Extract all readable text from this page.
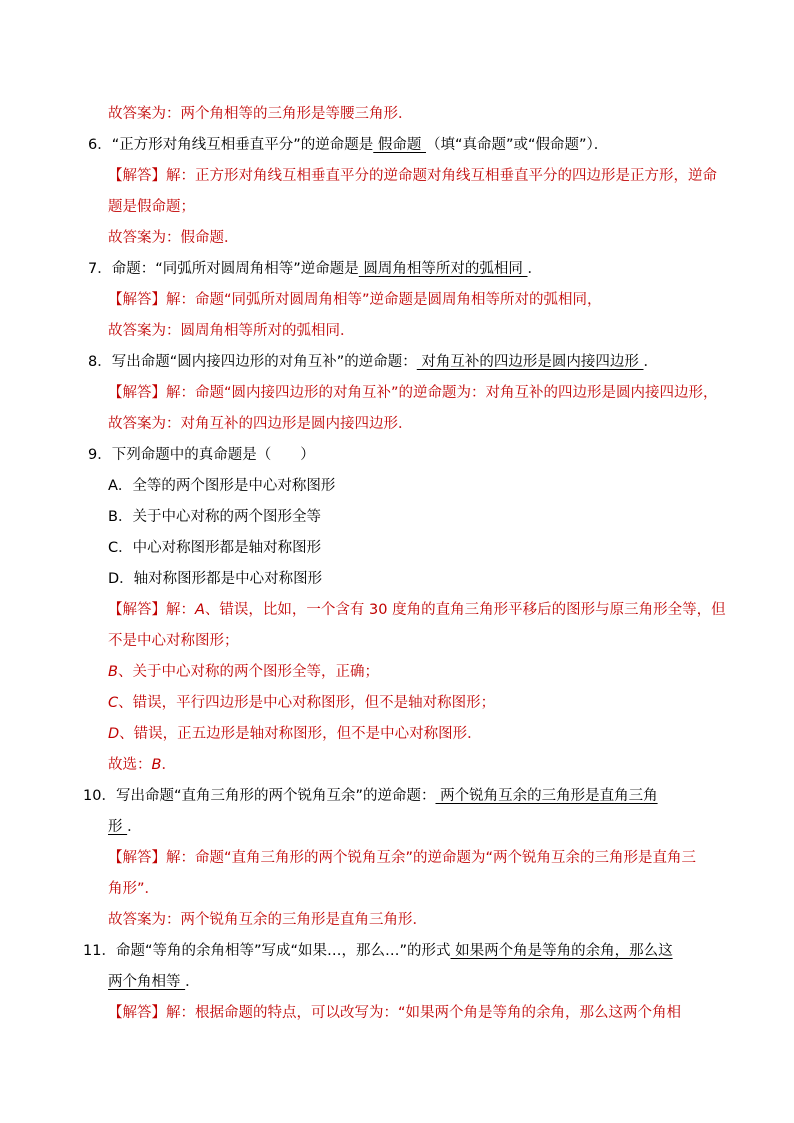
故答案为：两个角相等的三角形是等腰三角形．
6．“正方形对角线互相垂直平分”的逆命题是 假命题 （填“真命题”或“假命题”）．
【解答】解：正方形对角线互相垂直平分的逆命题对角线互相垂直平分的四边形是正方形，逆命
题是假命题；
故答案为：假命题．
7．命题：“同弧所对圆周角相等”逆命题是 圆周角相等所对的弧相同 ．
【解答】解：命题“同弧所对圆周角相等”逆命题是圆周角相等所对的弧相同，
故答案为：圆周角相等所对的弧相同．
8．写出命题“圆内接四边形的对角互补”的逆命题： 对角互补的四边形是圆内接四边形 ．
【解答】解：命题“圆内接四边形的对角互补”的逆命题为：对角互补的四边形是圆内接四边形，
故答案为：对角互补的四边形是圆内接四边形．
9．下列命题中的真命题是（　　）
A．全等的两个图形是中心对称图形
B．关于中心对称的两个图形全等
C．中心对称图形都是轴对称图形
D．轴对称图形都是中心对称图形
【解答】解：A、错误，比如，一个含有 30 度角的直角三角形平移后的图形与原三角形全等，但
不是中心对称图形；
B、关于中心对称的两个图形全等，正确；
C、错误，平行四边形是中心对称图形，但不是轴对称图形；
D、错误，正五边形是轴对称图形，但不是中心对称图形．
故选：B．
10．写出命题“直角三角形的两个锐角互余”的逆命题： 两个锐角互余的三角形是直角三角
形 ．
【解答】解：命题“直角三角形的两个锐角互余”的逆命题为“两个锐角互余的三角形是直角三
角形”．
故答案为：两个锐角互余的三角形是直角三角形．
11．命题“等角的余角相等”写成“如果…，那么…”的形式 如果两个角是等角的余角，那么这
两个角相等 ．
【解答】解：根据命题的特点，可以改写为：“如果两个角是等角的余角，那么这两个角相
